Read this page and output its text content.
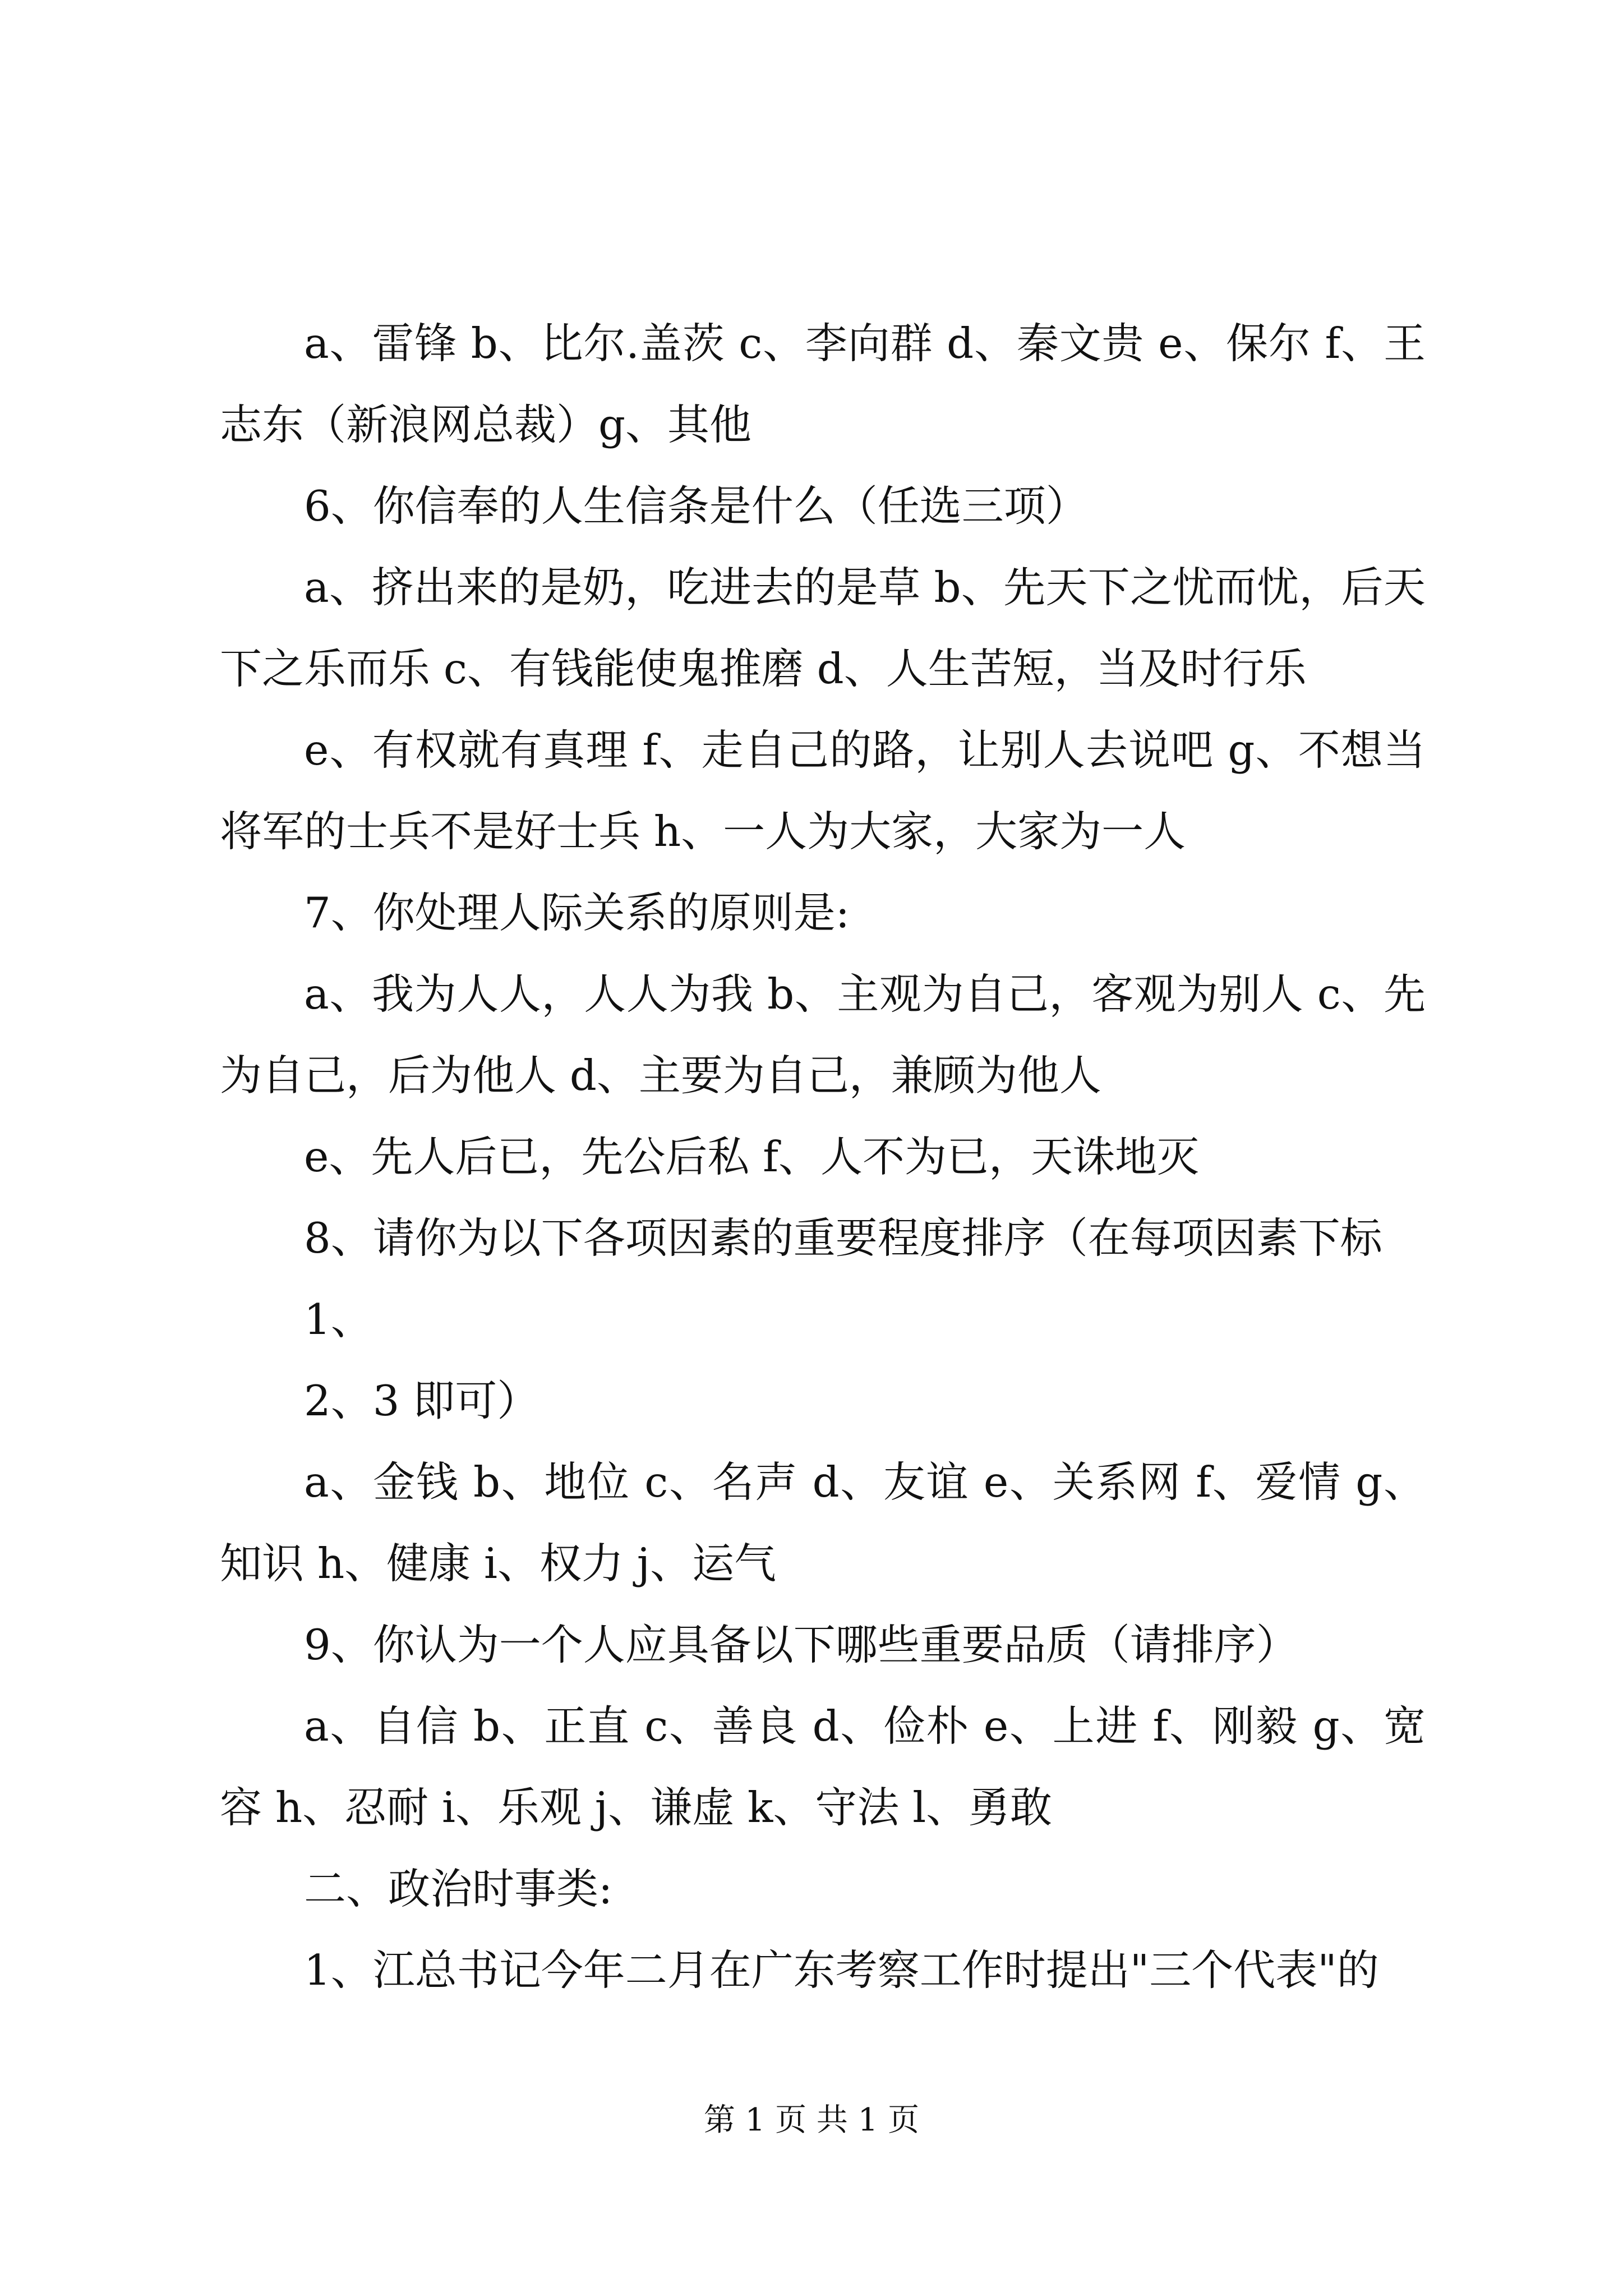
a、雷锋 b、比尔.盖茨 c、李向群 d、秦文贵 e、保尔 f、王志东（新浪网总裁）g、其他

6、你信奉的人生信条是什么（任选三项）

a、挤出来的是奶，吃进去的是草 b、先天下之忧而忧，后天下之乐而乐 c、有钱能使鬼推磨 d、人生苦短，当及时行乐

e、有权就有真理 f、走自己的路，让别人去说吧 g、不想当将军的士兵不是好士兵 h、一人为大家，大家为一人

7、你处理人际关系的原则是:

a、我为人人，人人为我 b、主观为自己，客观为别人 c、先为自己，后为他人 d、主要为自己，兼顾为他人

e、先人后已，先公后私 f、人不为已，天诛地灭

8、请你为以下各项因素的重要程度排序（在每项因素下标

1、

2、3 即可）

a、金钱 b、地位 c、名声 d、友谊 e、关系网 f、爱情 g、知识 h、健康 i、权力 j、运气

9、你认为一个人应具备以下哪些重要品质（请排序）

a、自信 b、正直 c、善良 d、俭朴 e、上进 f、刚毅 g、宽容 h、忍耐 i、乐观 j、谦虚 k、守法 l、勇敢

二、政治时事类:

1、江总书记今年二月在广东考察工作时提出"三个代表"的

第 1 页 共 1 页
